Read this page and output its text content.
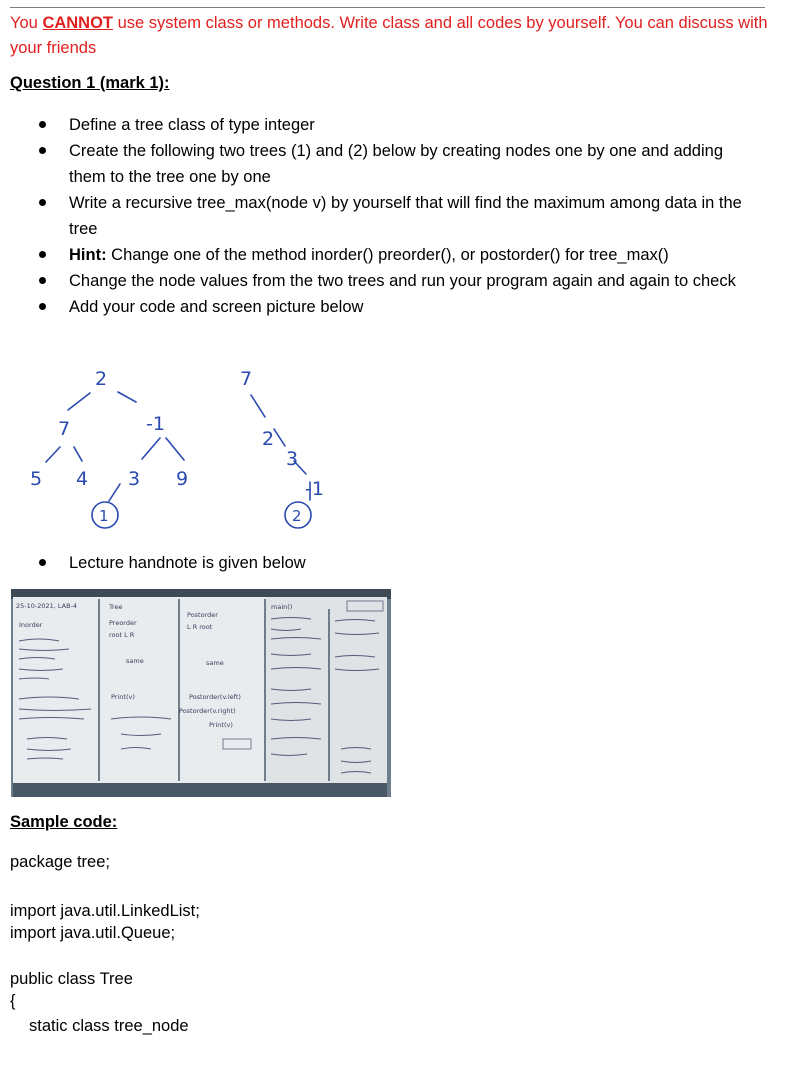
You CANNOT use system class or methods. Write class and all codes by yourself. You can discuss with your friends
Question 1 (mark 1):
Define a tree class of type integer
Create the following two trees (1) and (2) below by creating nodes one by one and adding them to the tree one by one
Write a recursive tree_max(node v) by yourself that will find the maximum among data in the tree
Hint: Change one of the method inorder() preorder(), or postorder() for tree_max()
Change the node values from the two trees and run your program again and again to check
Add your code and screen picture below
2
7	-1
5 4 3 9
1
7
2
3
-1
2
Lecture handnote is given below
25-10-2021, LAB-4	Tree
Inorder	Preorder
Postorder
L R root
root L R
same	same
main()
Print(v)	Postorder(v.left)
Postorder(v.right)
Print(v)
Sample code:
package tree;
import java.util.LinkedList;
import java.util.Queue;
public class Tree
{
static class tree_node
